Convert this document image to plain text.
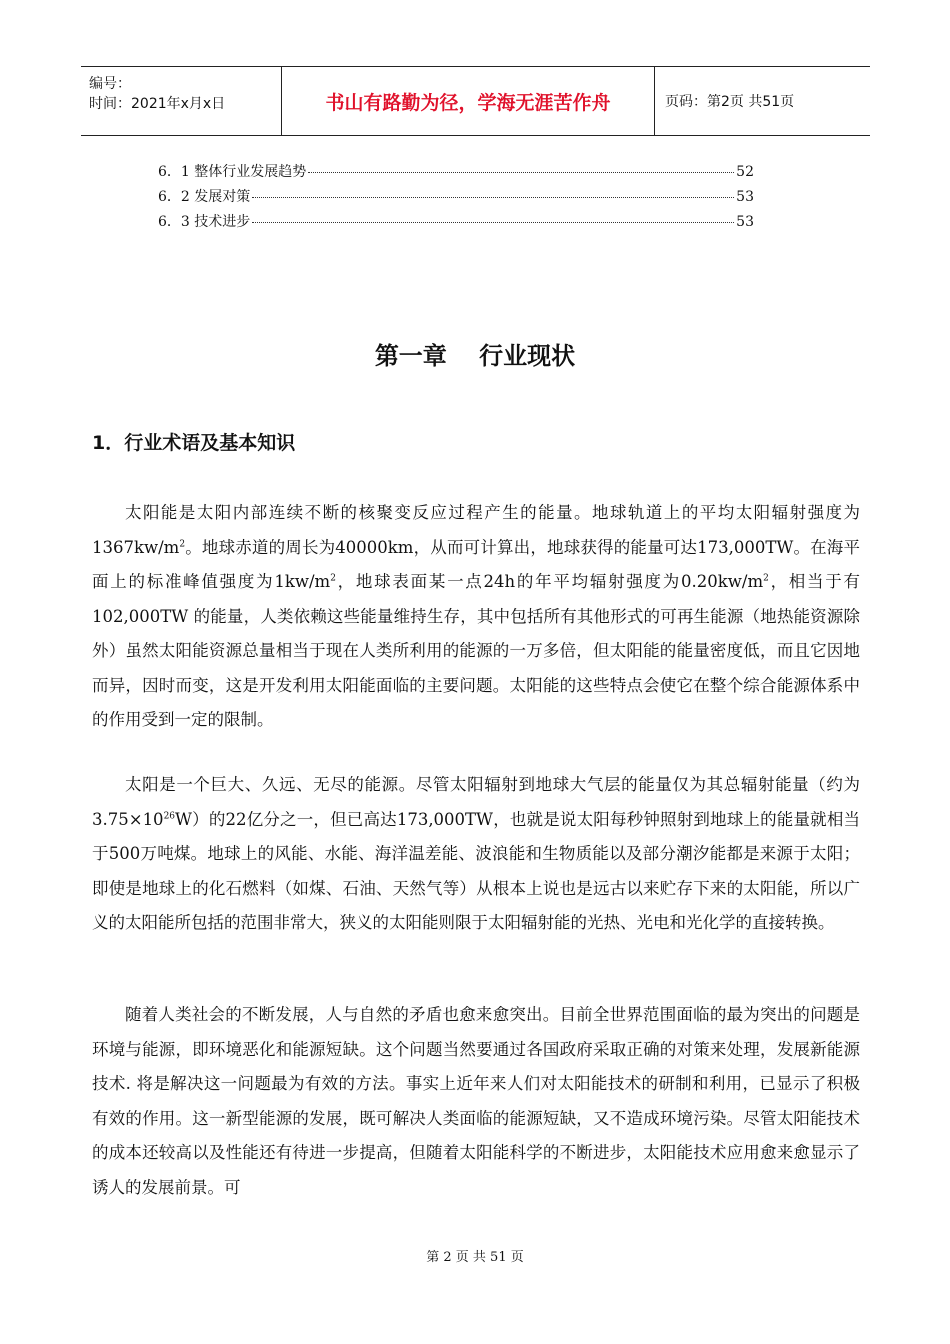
编号：
时间：2021年x月x日	书山有路勤为径，学海无涯苦作舟	页码：第2页 共51页
6．1 整体行业发展趋势	52
6．2 发展对策	53
6．3 技术进步	53
第一章　 行业现状
1．行业术语及基本知识

太阳能是太阳内部连续不断的核聚变反应过程产生的能量。地球轨道上的平均太阳辐射强度为$1367kw/m^2$。地球赤道的周长为40000km，从而可计算出，地球获得的能量可达173,000TW。在海平面上的标准峰值强度为$1kw/m^2$，地球表面某一点24h的年平均辐射强度为$0.20kw/m^2$，相当于有102,000TW 的能量，人类依赖这些能量维持生存，其中包括所有其他形式的可再生能源（地热能资源除外）虽然太阳能资源总量相当于现在人类所利用的能源的一万多倍，但太阳能的能量密度低，而且它因地而异，因时而变，这是开发利用太阳能面临的主要问题。太阳能的这些特点会使它在整个综合能源体系中的作用受到一定的限制。

太阳是一个巨大、久远、无尽的能源。尽管太阳辐射到地球大气层的能量仅为其总辐射能量（约为$3.75\times 10^{26}W$）的22亿分之一，但已高达173,000TW，也就是说太阳每秒钟照射到地球上的能量就相当于500万吨煤。地球上的风能、水能、海洋温差能、波浪能和生物质能以及部分潮汐能都是来源于太阳；即使是地球上的化石燃料（如煤、石油、天然气等）从根本上说也是远古以来贮存下来的太阳能，所以广义的太阳能所包括的范围非常大，狭义的太阳能则限于太阳辐射能的光热、光电和光化学的直接转换。

随着人类社会的不断发展，人与自然的矛盾也愈来愈突出。目前全世界范围面临的最为突出的问题是环境与能源，即环境恶化和能源短缺。这个问题当然要通过各国政府采取正确的对策来处理，发展新能源技术. 将是解决这一问题最为有效的方法。事实上近年来人们对太阳能技术的研制和利用，已显示了积极有效的作用。这一新型能源的发展，既可解决人类面临的能源短缺，又不造成环境污染。尽管太阳能技术的成本还较高以及性能还有待进一步提高，但随着太阳能科学的不断进步，太阳能技术应用愈来愈显示了诱人的发展前景。可

第 2 页 共 51 页
